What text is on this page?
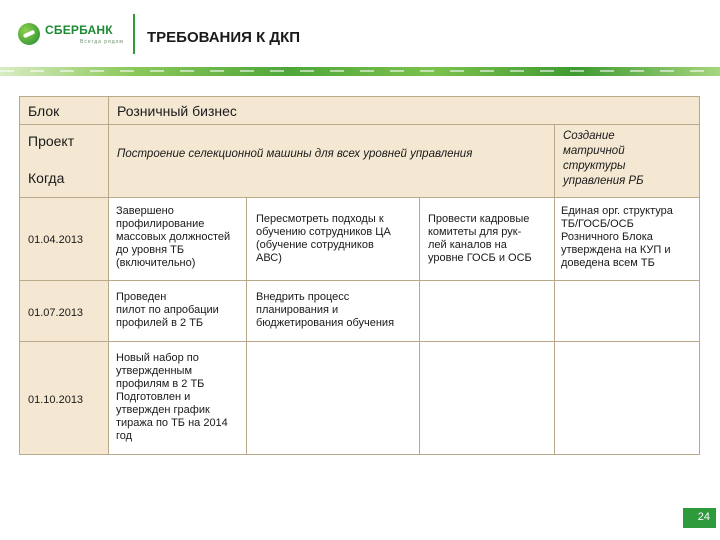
СБЕРБАНК
Всегда рядом ТРЕБОВАНИЯ К ДКП
Блок	Розничный бизнес
Проект
Когда
Построение селекционной машины для всех уровней управления
Создание
матричной
структуры
управления РБ
01.04.2013
Завершено
профилирование
массовых должностей
до уровня ТБ
(включительно)
Пересмотреть подходы к
обучению сотрудников ЦА
(обучение сотрудников
АВС)
Провести кадровые
комитеты для рук-
лей каналов на
уровне ГОСБ и ОСБ
Единая орг. структура
ТБ/ГОСБ/ОСБ
Розничного Блока
утверждена на КУП и
доведена всем ТБ
01.07.2013
Проведен
пилот по апробации
профилей в 2 ТБ
Внедрить процесс
планирования и
бюджетирования обучения
01.10.2013
Новый набор по
утвержденным
профилям в 2 ТБ
Подготовлен и
утвержден график
тиража по ТБ на 2014
год
24
